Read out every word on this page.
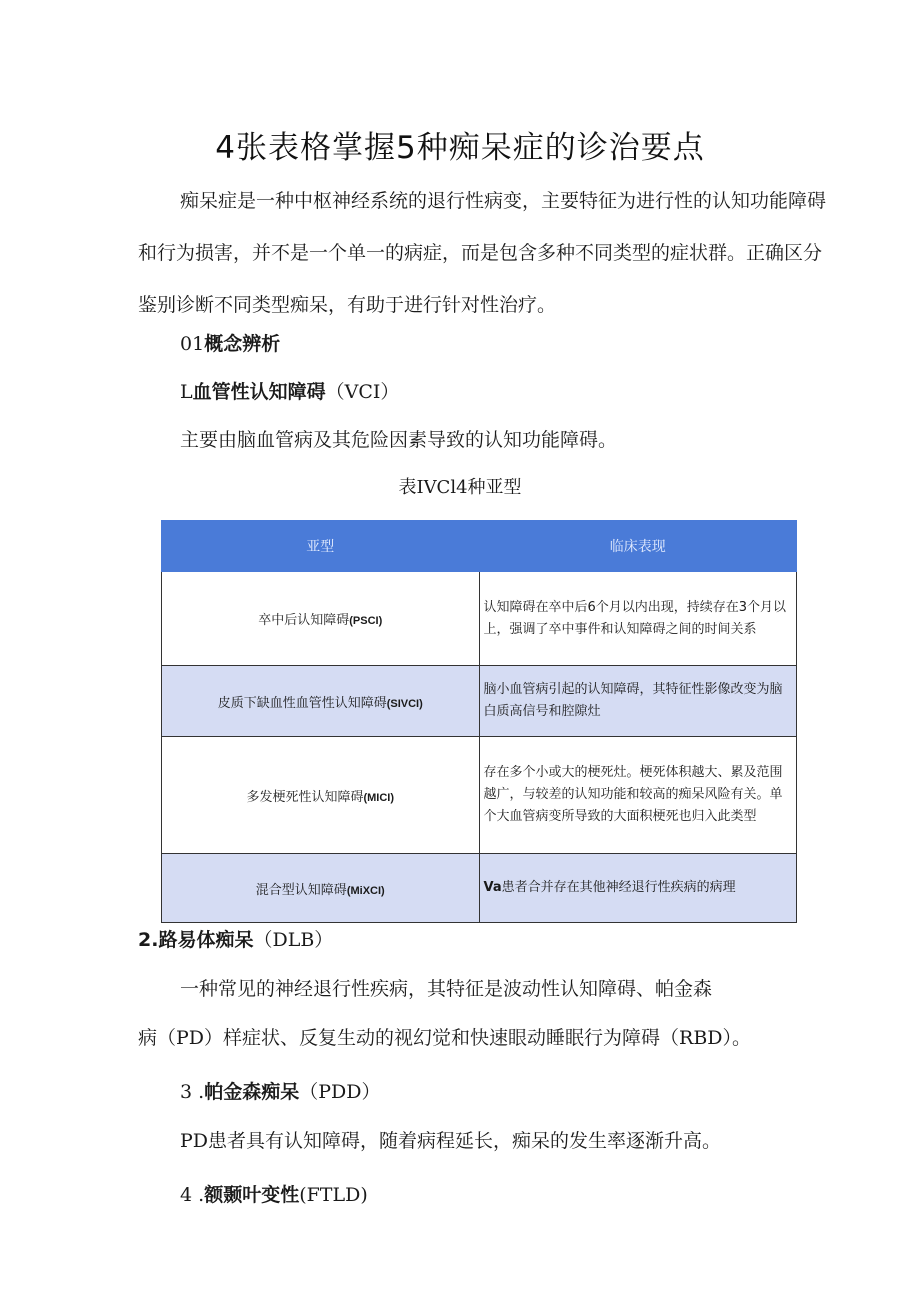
4张表格掌握5种痴呆症的诊治要点

痴呆症是一种中枢神经系统的退行性病变，主要特征为进行性的认知功能障碍和行为损害，并不是一个单一的病症，而是包含多种不同类型的症状群。正确区分鉴别诊断不同类型痴呆，有助于进行针对性治疗。

01概念辨析
L血管性认知障碍（VCI）
主要由脑血管病及其危险因素导致的认知功能障碍。
表IVCl4种亚型
亚型	临床表现
卒中后认知障碍(PSCI)	认知障碍在卒中后6个月以内出现，持续存在3个月以上，强调了卒中事件和认知障碍之间的时间关系
皮质下缺血性血管性认知障碍(SIVCI)	脑小血管病引起的认知障碍，其特征性影像改变为脑白质高信号和腔隙灶
多发梗死性认知障碍(MICI)	存在多个小或大的梗死灶。梗死体积越大、累及范围越广，与较差的认知功能和较高的痴呆风险有关。单个大血管病变所导致的大面积梗死也归入此类型
混合型认知障碍(MiXCI)	Va患者合并存在其他神经退行性疾病的病理
2.路易体痴呆（DLB）
一种常见的神经退行性疾病，其特征是波动性认知障碍、帕金森
病（PD）样症状、反复生动的视幻觉和快速眼动睡眠行为障碍（RBD）。
3 .帕金森痴呆（PDD）
PD患者具有认知障碍，随着病程延长，痴呆的发生率逐渐升高。
4 .额颞叶变性(FTLD)
